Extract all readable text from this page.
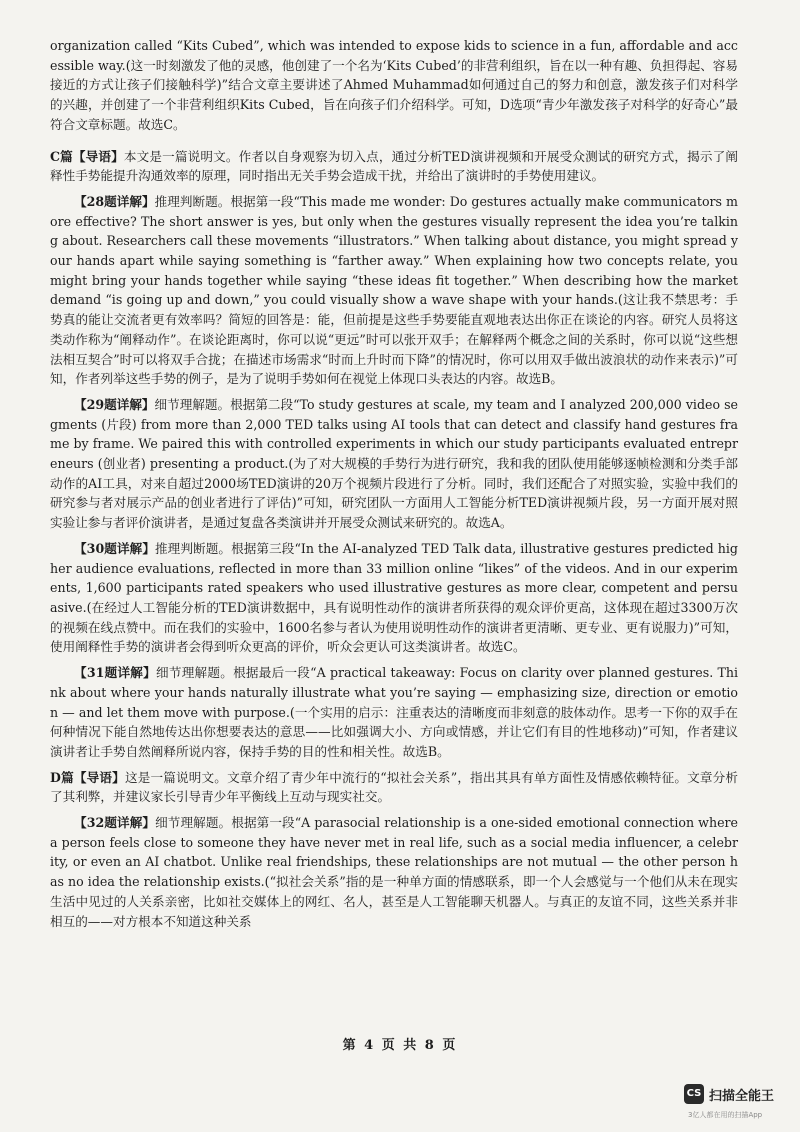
organization called “Kits Cubed”, which was intended to expose kids to science in a fun, affordable and accessible way.(这一时刻激发了他的灵感，他创建了一个名为‘Kits Cubed’的非营利组织，旨在以一种有趣、负担得起、容易接近的方式让孩子们接触科学)”结合文章主要讲述了Ahmed Muhammad如何通过自己的努力和创意，激发孩子们对科学的兴趣，并创建了一个非营利组织Kits Cubed，旨在向孩子们介绍科学。可知，D选项“青少年激发孩子对科学的好奇心”最符合文章标题。故选C。

C篇【导语】本文是一篇说明文。作者以自身观察为切入点，通过分析TED演讲视频和开展受众测试的研究方式，揭示了阐释性手势能提升沟通效率的原理，同时指出无关手势会造成干扰，并给出了演讲时的手势使用建议。

【28题详解】推理判断题。根据第一段“This made me wonder: Do gestures actually make communicators more effective? The short answer is yes, but only when the gestures visually represent the idea you’re talking about. Researchers call these movements “illustrators.” When talking about distance, you might spread your hands apart while saying something is “farther away.” When explaining how two concepts relate, you might bring your hands together while saying “these ideas fit together.” When describing how the market demand “is going up and down,” you could visually show a wave shape with your hands.(这让我不禁思考：手势真的能让交流者更有效率吗？简短的回答是：能，但前提是这些手势要能直观地表达出你正在谈论的内容。研究人员将这类动作称为“阐释动作”。在谈论距离时，你可以说“更远”时可以张开双手；在解释两个概念之间的关系时，你可以说“这些想法相互契合”时可以将双手合拢；在描述市场需求“时而上升时而下降”的情况时，你可以用双手做出波浪状的动作来表示)”可知，作者列举这些手势的例子，是为了说明手势如何在视觉上体现口头表达的内容。故选B。

【29题详解】细节理解题。根据第二段“To study gestures at scale, my team and I analyzed 200,000 video segments (片段) from more than 2,000 TED talks using AI tools that can detect and classify hand gestures frame by frame. We paired this with controlled experiments in which our study participants evaluated entrepreneurs (创业者) presenting a product.(为了对大规模的手势行为进行研究，我和我的团队使用能够逐帧检测和分类手部动作的AI工具，对来自超过2000场TED演讲的20万个视频片段进行了分析。同时，我们还配合了对照实验，实验中我们的研究参与者对展示产品的创业者进行了评估)”可知，研究团队一方面用人工智能分析TED演讲视频片段，另一方面开展对照实验让参与者评价演讲者，是通过复盘各类演讲并开展受众测试来研究的。故选A。

【30题详解】推理判断题。根据第三段“In the AI-analyzed TED Talk data, illustrative gestures predicted higher audience evaluations, reflected in more than 33 million online “likes” of the videos. And in our experiments, 1,600 participants rated speakers who used illustrative gestures as more clear, competent and persuasive.(在经过人工智能分析的TED演讲数据中，具有说明性动作的演讲者所获得的观众评价更高，这体现在超过3300万次的视频在线点赞中。而在我们的实验中，1600名参与者认为使用说明性动作的演讲者更清晰、更专业、更有说服力)”可知，使用阐释性手势的演讲者会得到听众更高的评价，听众会更认可这类演讲者。故选C。

【31题详解】细节理解题。根据最后一段“A practical takeaway: Focus on clarity over planned gestures. Think about where your hands naturally illustrate what you’re saying — emphasizing size, direction or emotion — and let them move with purpose.(一个实用的启示：注重表达的清晰度而非刻意的肢体动作。思考一下你的双手在何种情况下能自然地传达出你想要表达的意思——比如强调大小、方向或情感，并让它们有目的性地移动)”可知，作者建议演讲者让手势自然阐释所说内容，保持手势的目的性和相关性。故选B。

D篇【导语】这是一篇说明文。文章介绍了青少年中流行的“拟社会关系”，指出其具有单方面性及情感依赖特征。文章分析了其利弊，并建议家长引导青少年平衡线上互动与现实社交。

【32题详解】细节理解题。根据第一段“A parasocial relationship is a one-sided emotional connection where a person feels close to someone they have never met in real life, such as a social media influencer, a celebrity, or even an AI chatbot. Unlike real friendships, these relationships are not mutual — the other person has no idea the relationship exists.(“拟社会关系”指的是一种单方面的情感联系，即一个人会感觉与一个他们从未在现实生活中见过的人关系亲密，比如社交媒体上的网红、名人，甚至是人工智能聊天机器人。与真正的友谊不同，这些关系并非相互的——对方根本不知道这种关系

第 4 页 共 8 页
CS 扫描全能王
3亿人都在用的扫描App
